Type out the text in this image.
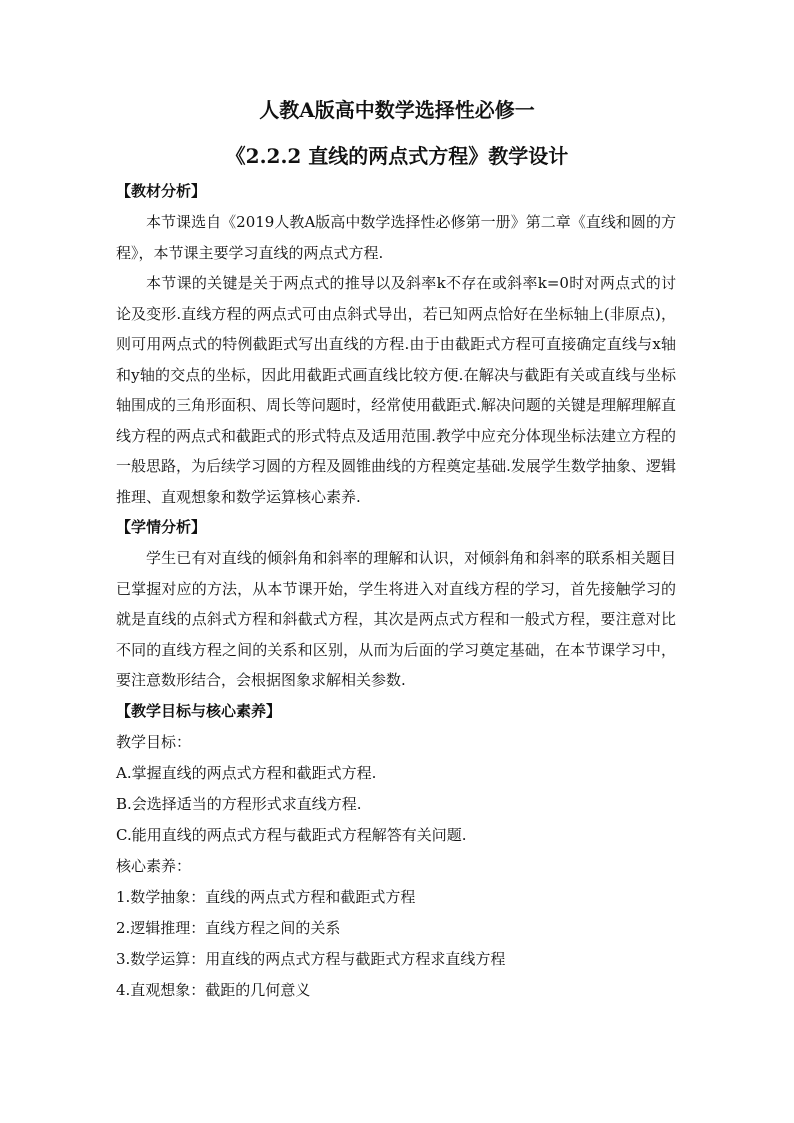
人教A版高中数学选择性必修一
《2.2.2 直线的两点式方程》教学设计
【教材分析】

本节课选自《2019人教A版高中数学选择性必修第一册》第二章《直线和圆的方程》，本节课主要学习直线的两点式方程.

本节课的关键是关于两点式的推导以及斜率k不存在或斜率k=0时对两点式的讨论及变形.直线方程的两点式可由点斜式导出，若已知两点恰好在坐标轴上(非原点)，则可用两点式的特例截距式写出直线的方程.由于由截距式方程可直接确定直线与x轴和y轴的交点的坐标，因此用截距式画直线比较方便.在解决与截距有关或直线与坐标轴围成的三角形面积、周长等问题时，经常使用截距式.解决问题的关键是理解理解直线方程的两点式和截距式的形式特点及适用范围.教学中应充分体现坐标法建立方程的一般思路，为后续学习圆的方程及圆锥曲线的方程奠定基础.发展学生数学抽象、逻辑推理、直观想象和数学运算核心素养.

【学情分析】

学生已有对直线的倾斜角和斜率的理解和认识，对倾斜角和斜率的联系相关题目已掌握对应的方法，从本节课开始，学生将进入对直线方程的学习，首先接触学习的就是直线的点斜式方程和斜截式方程，其次是两点式方程和一般式方程，要注意对比不同的直线方程之间的关系和区别，从而为后面的学习奠定基础，在本节课学习中，要注意数形结合，会根据图象求解相关参数.

【教学目标与核心素养】

教学目标：

A.掌握直线的两点式方程和截距式方程.

B.会选择适当的方程形式求直线方程.

C.能用直线的两点式方程与截距式方程解答有关问题.

核心素养：

1.数学抽象：直线的两点式方程和截距式方程

2.逻辑推理：直线方程之间的关系

3.数学运算：用直线的两点式方程与截距式方程求直线方程

4.直观想象：截距的几何意义
